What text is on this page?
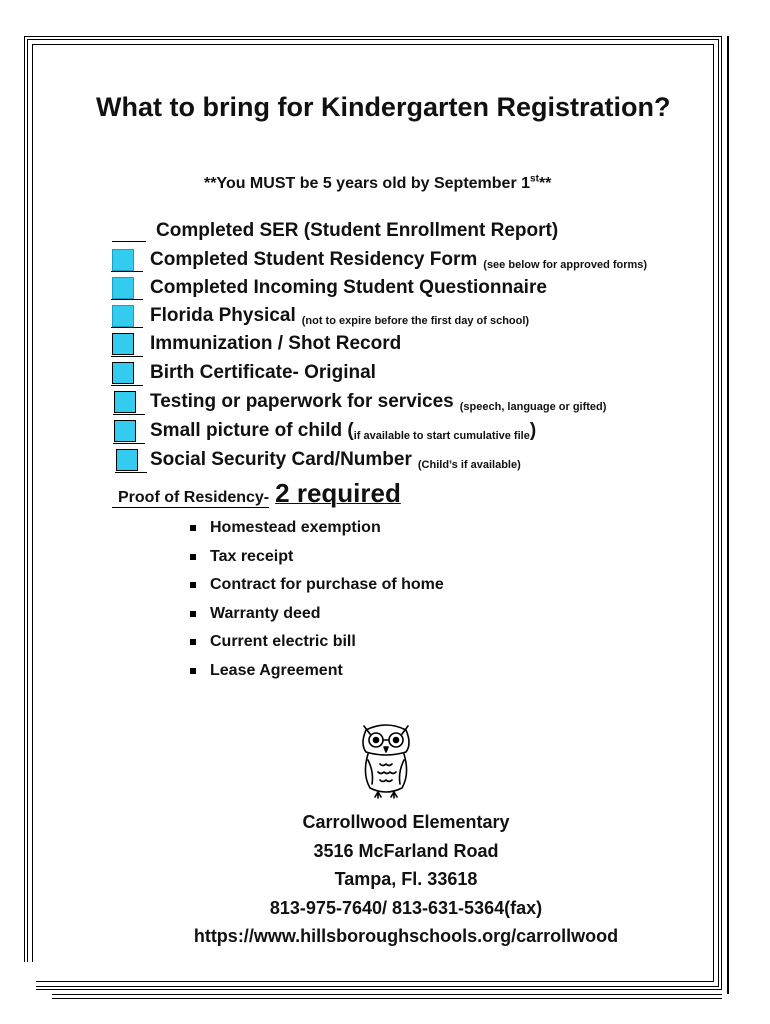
What to bring for Kindergarten Registration?
**You MUST be 5 years old by September 1st**
Completed SER (Student Enrollment Report)
Completed Student Residency Form (see below for approved forms)
Completed Incoming Student Questionnaire
Florida Physical (not to expire before the first day of school)
Immunization / Shot Record
Birth Certificate- Original
Testing or paperwork for services (speech, language or gifted)
Small picture of child ( if available to start cumulative file )
Social Security Card/Number (Child’s if available)
Proof of Residency- 2 required
Homestead exemption
Tax receipt
Contract for purchase of home
Warranty deed
Current electric bill
Lease Agreement
Carrollwood Elementary
3516 McFarland Road
Tampa, Fl. 33618
813-975-7640/ 813-631-5364(fax)
https://www.hillsboroughschools.org/carrollwood
